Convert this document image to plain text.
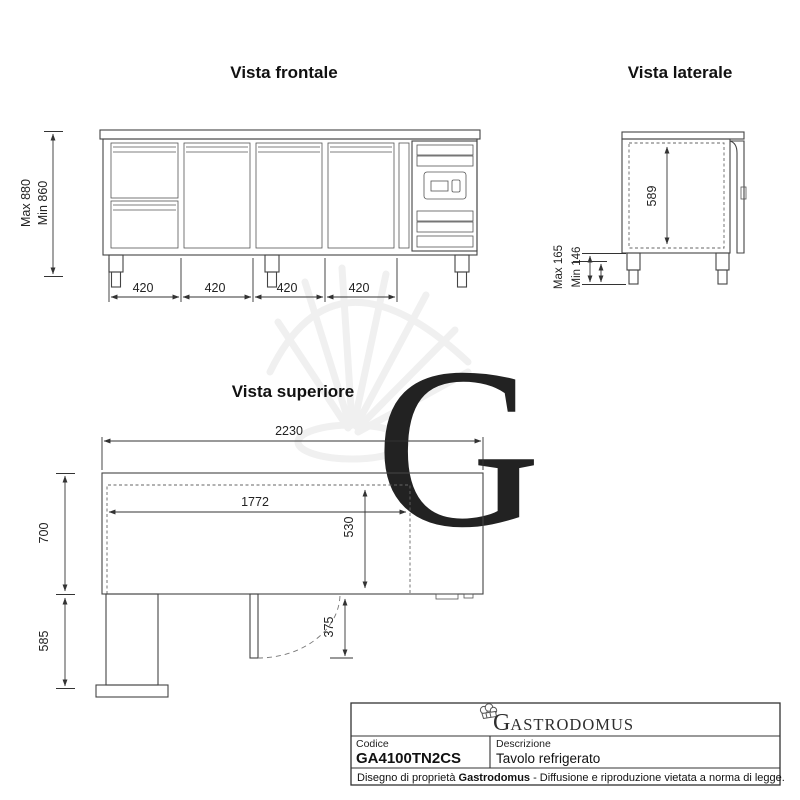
G
Vista frontale
Max 880 Min 860
420	420	420	420
Vista laterale
589
Max 165 Min 146
Vista superiore
2230
1772
530
700
585
375
GASTRODOMUS
Codice
GA4100TN2CS
Descrizione
Tavolo refrigerato
Disegno di proprietà Gastrodomus - Diffusione e riproduzione vietata a norma di legge.
